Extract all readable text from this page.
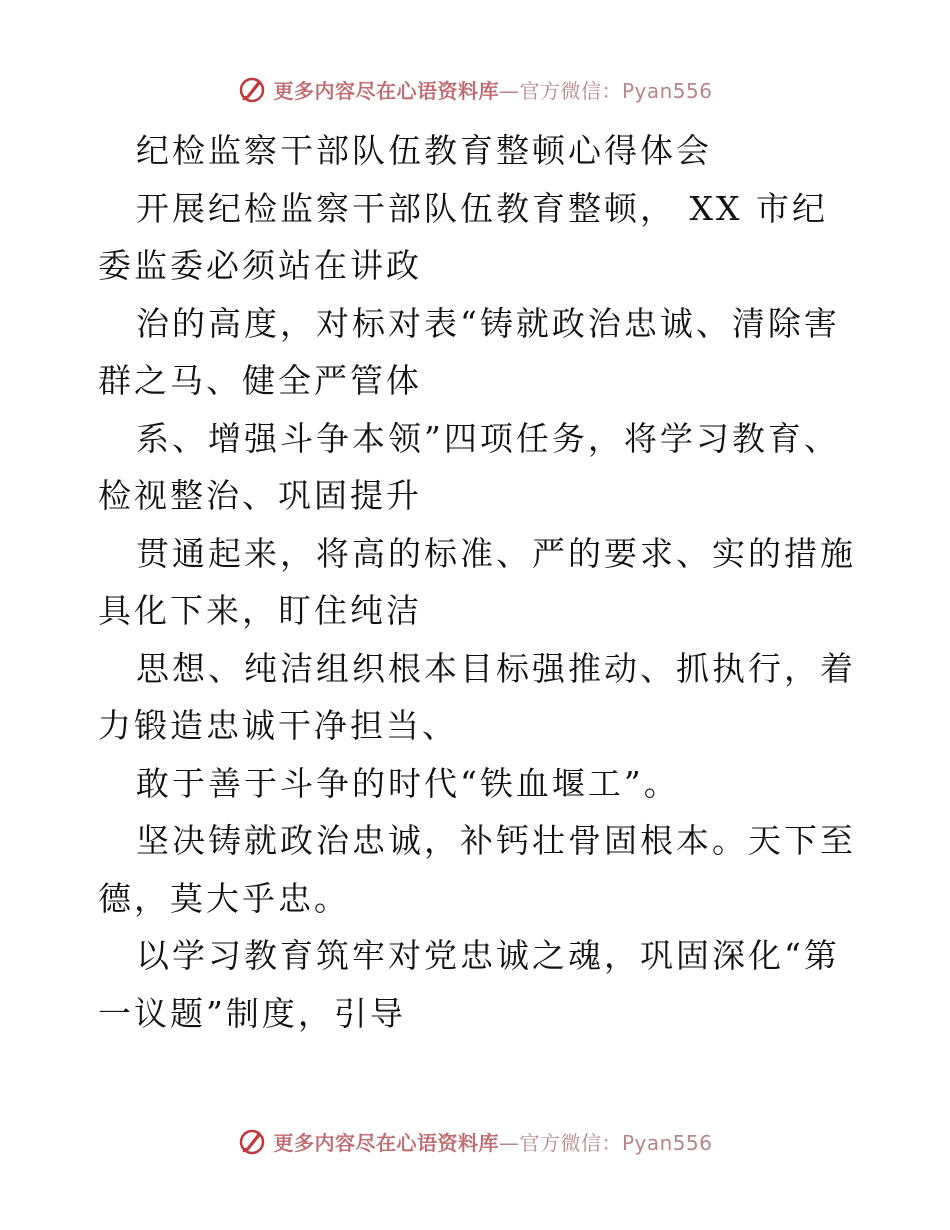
更多内容尽在心语资料库—官方微信：Pyan556

纪检监察干部队伍教育整顿心得体会

开展纪检监察干部队伍教育整顿， XX 市纪委监委必须站在讲政

治的高度，对标对表“铸就政治忠诚、清除害群之马、健全严管体

系、增强斗争本领”四项任务，将学习教育、检视整治、巩固提升

贯通起来，将高的标准、严的要求、实的措施具化下来，盯住纯洁

思想、纯洁组织根本目标强推动、抓执行，着力锻造忠诚干净担当、

敢于善于斗争的时代“铁血堰工”。

坚决铸就政治忠诚，补钙壮骨固根本。天下至德，莫大乎忠。

以学习教育筑牢对党忠诚之魂，巩固深化“第一议题”制度，引导

更多内容尽在心语资料库—官方微信：Pyan556
